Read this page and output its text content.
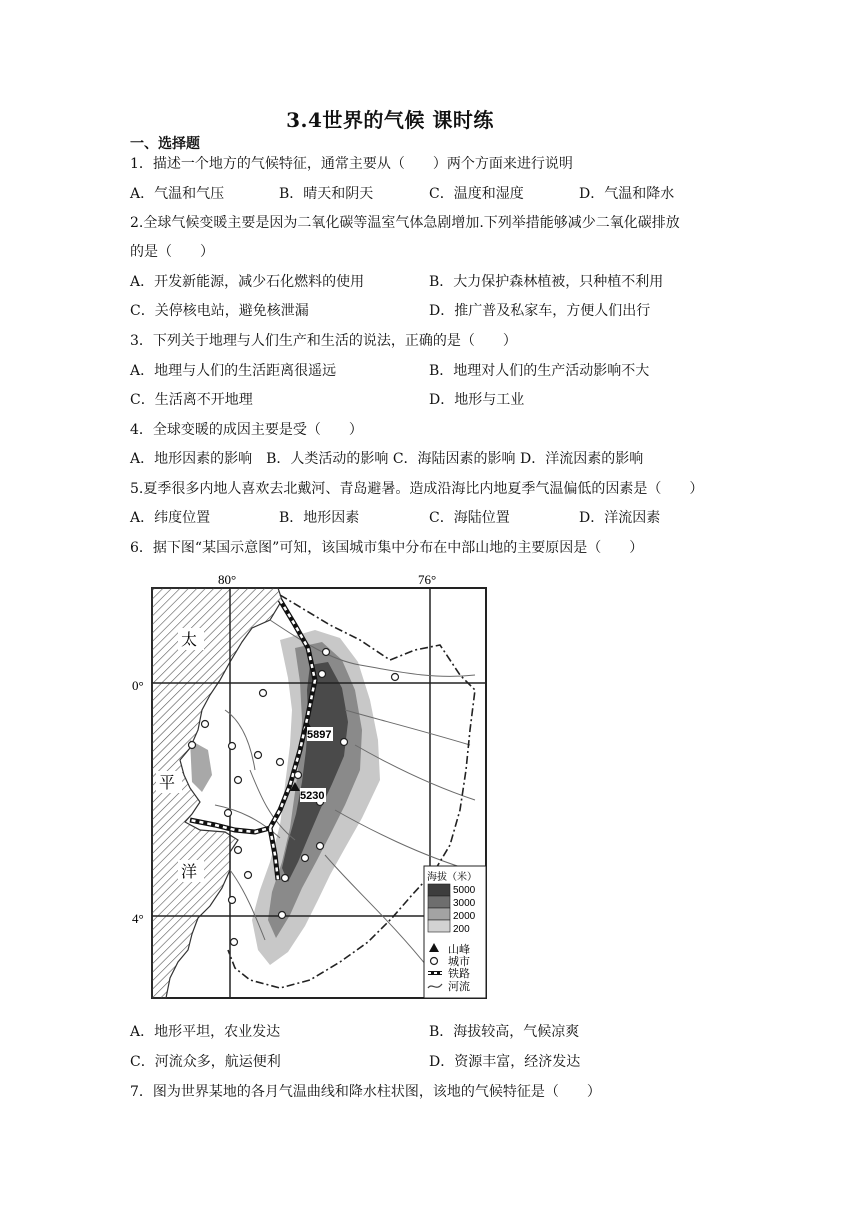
3.4世界的气候 课时练
一、选择题
1．描述一个地方的气候特征，通常主要从（　　）两个方面来进行说明
A．气温和气压	B．晴天和阴天	C．温度和湿度	D．气温和降水
2.全球气候变暖主要是因为二氧化碳等温室气体急剧增加.下列举措能够减少二氧化碳排放
的是（　　）
A．开发新能源，减少石化燃料的使用	B．大力保护森林植被，只种植不利用
C．关停核电站，避免核泄漏	D．推广普及私家车，方便人们出行
3．下列关于地理与人们生产和生活的说法，正确的是（　　）
A．地理与人们的生活距离很遥远	B．地理对人们的生产活动影响不大
C．生活离不开地理	D．地形与工业
4．全球变暖的成因主要是受（　　）
A．地形因素的影响　B．人类活动的影响 C．海陆因素的影响 D．洋流因素的影响
5.夏季很多内地人喜欢去北戴河、青岛避暑。造成沿海比内地夏季气温偏低的因素是（　　）
A．纬度位置	B．地形因素	C．海陆位置	D．洋流因素
6．据下图“某国示意图”可知，该国城市集中分布在中部山地的主要原因是（　　）
80°	76°
0°
4°
太
平
洋
5897
5230
海拔（米）
5000
3000
2000
200
山峰
城市
铁路
河流
A．地形平坦，农业发达	B．海拔较高，气候凉爽
C．河流众多，航运便利	D．资源丰富，经济发达
7．图为世界某地的各月气温曲线和降水柱状图，该地的气候特征是（　　）
